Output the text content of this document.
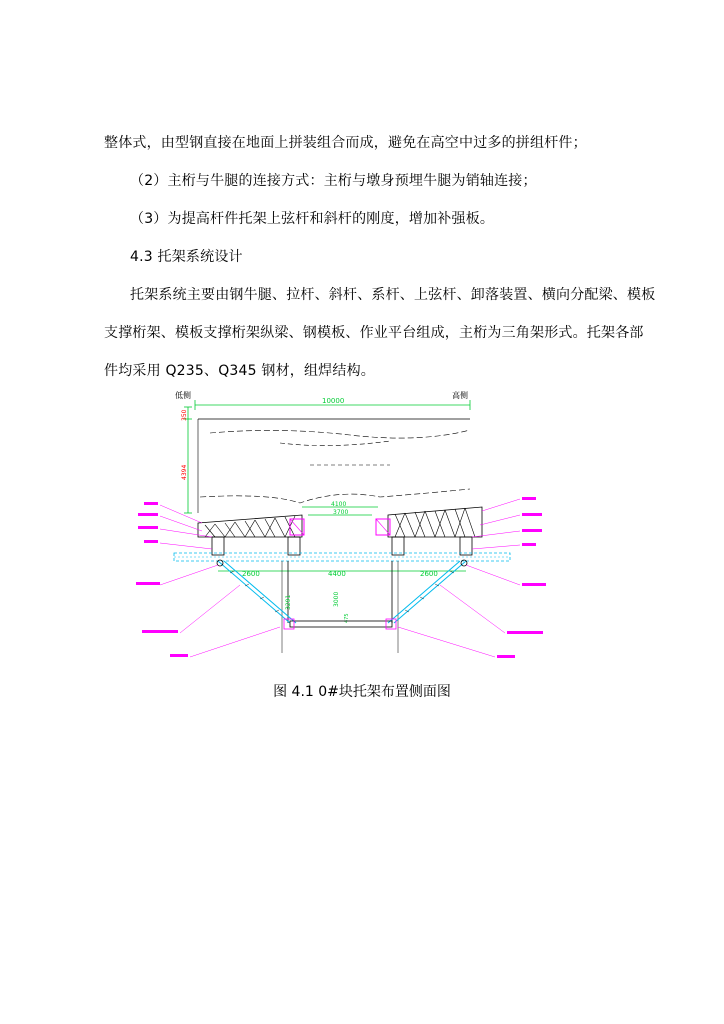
整体式，由型钢直接在地面上拼装组合而成，避免在高空中过多的拼组杆件；
（2）主桁与牛腿的连接方式：主桁与墩身预埋牛腿为销轴连接；
（3）为提高杆件托架上弦杆和斜杆的刚度，增加补强板。
4.3 托架系统设计
托架系统主要由钢牛腿、拉杆、斜杆、系杆、上弦杆、卸落装置、横向分配梁、模板
支撑桁架、模板支撑桁架纵梁、钢模板、作业平台组成，主桁为三角架形式。托架各部
件均采用 Q235、Q345 钢材，组焊结构。
低侧	高侧
10000
350
4394
4100
3700
2600	4400	2600
3291	3000
475
图 4.1 0#块托架布置侧面图
